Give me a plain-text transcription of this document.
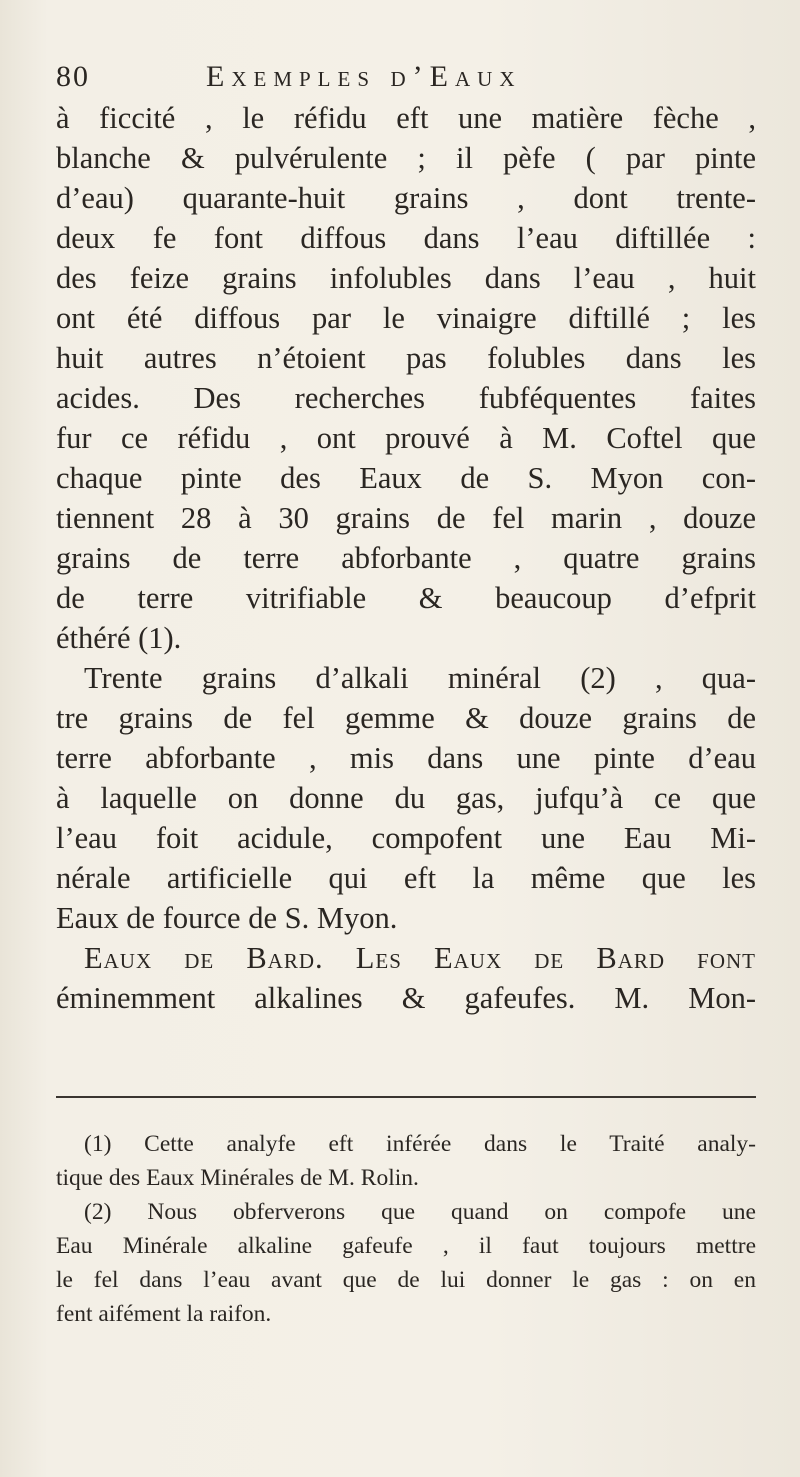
80	Exemples d’Eaux
à ficcité , le réfidu eft une matière fèche ,
blanche & pulvérulente ; il pèfe ( par pinte
d’eau) quarante-huit grains , dont trente-
deux fe font diffous dans l’eau diftillée :
des feize grains infolubles dans l’eau , huit
ont été diffous par le vinaigre diftillé ; les
huit autres n’étoient pas folubles dans les
acides. Des recherches fubféquentes faites
fur ce réfidu , ont prouvé à M. Coftel que
chaque pinte des Eaux de S. Myon con-
tiennent 28 à 30 grains de fel marin , douze
grains de terre abforbante , quatre grains
de terre vitrifiable & beaucoup d’efprit
éthéré (1).
Trente grains d’alkali minéral (2) , qua-
tre grains de fel gemme & douze grains de
terre abforbante , mis dans une pinte d’eau
à laquelle on donne du gas, jufqu’à ce que
l’eau foit acidule, compofent une Eau Mi-
nérale artificielle qui eft la même que les
Eaux de fource de S. Myon.
Eaux de Bard. Les Eaux de Bard font
éminemment alkalines & gafeufes. M. Mon-
(1) Cette analyfe eft inférée dans le Traité analy-
tique des Eaux Minérales de M. Rolin.
(2) Nous obferverons que quand on compofe une
Eau Minérale alkaline gafeufe , il faut toujours mettre
le fel dans l’eau avant que de lui donner le gas : on en
fent aifément la raifon.
